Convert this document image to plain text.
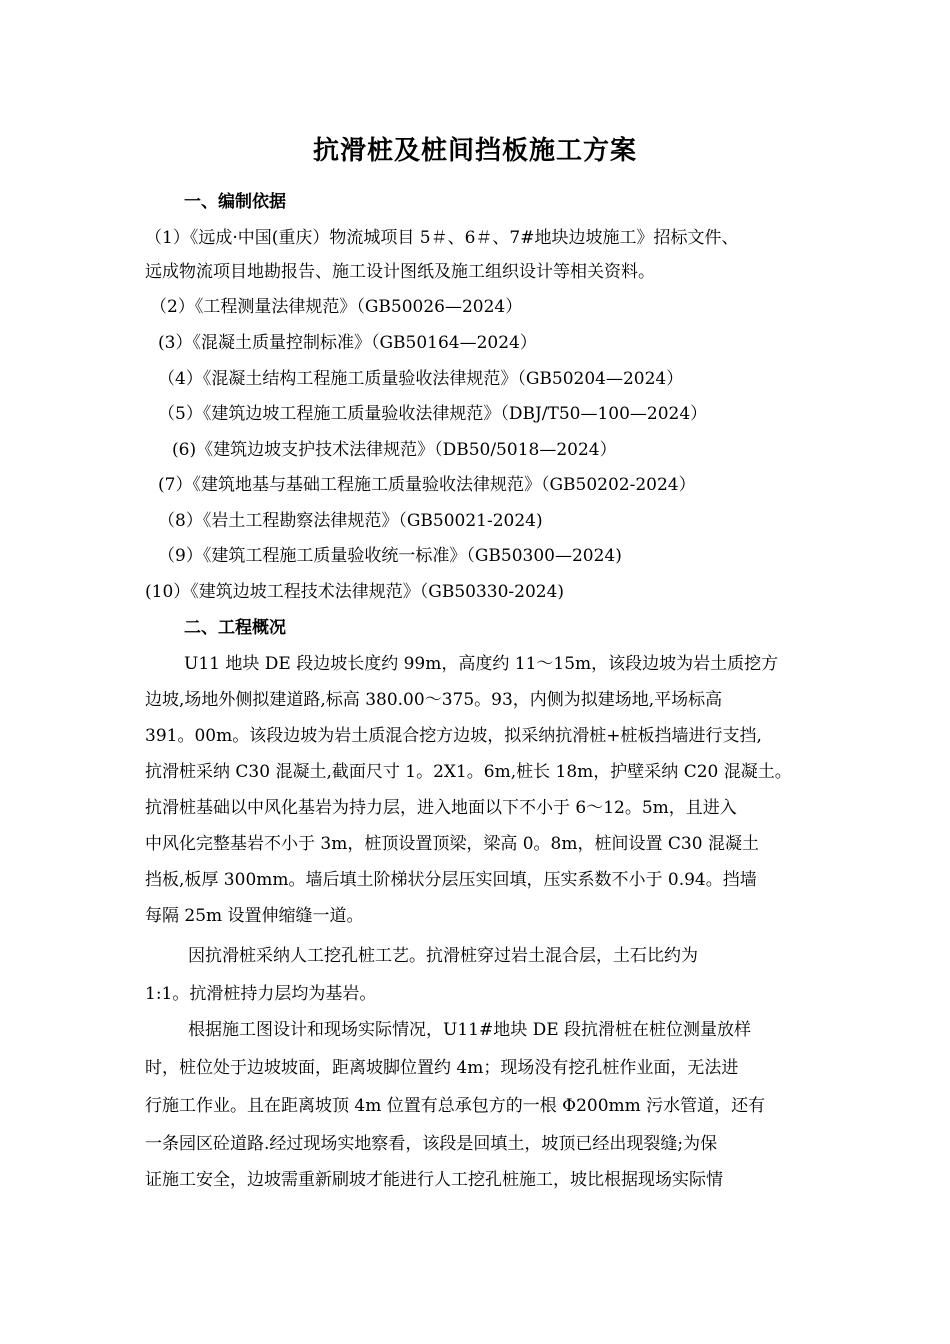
抗滑桩及桩间挡板施工方案
一、编制依据
（1）《远成·中国(重庆）物流城项目 5＃、6＃、7#地块边坡施工》招标文件、
远成物流项目地勘报告、施工设计图纸及施工组织设计等相关资料。
（2）《工程测量法律规范》（GB50026—2024）
(3）《混凝土质量控制标准》（GB50164—2024）
（4）《混凝土结构工程施工质量验收法律规范》（GB50204—2024）
（5）《建筑边坡工程施工质量验收法律规范》（DBJ/T50—100—2024）
(6)《建筑边坡支护技术法律规范》（DB50/5018—2024）
(7）《建筑地基与基础工程施工质量验收法律规范》（GB50202-2024）
（8）《岩土工程勘察法律规范》（GB50021-2024)
（9）《建筑工程施工质量验收统一标准》（GB50300—2024)
(10）《建筑边坡工程技术法律规范》（GB50330-2024)
二、工程概况
U11 地块 DE 段边坡长度约 99m，高度约 11～15m，该段边坡为岩土质挖方
边坡,场地外侧拟建道路,标高 380.00～375。93，内侧为拟建场地,平场标高
391。00m。该段边坡为岩土质混合挖方边坡，拟采纳抗滑桩+桩板挡墙进行支挡,
抗滑桩采纳 C30 混凝土,截面尺寸 1。2X1。6m,桩长 18m，护壁采纳 C20 混凝土。
抗滑桩基础以中风化基岩为持力层，进入地面以下不小于 6～12。5m，且进入
中风化完整基岩不小于 3m，桩顶设置顶梁，梁高 0。8m，桩间设置 C30 混凝土
挡板,板厚 300mm。墙后填土阶梯状分层压实回填，压实系数不小于 0.94。挡墙
每隔 25m 设置伸缩缝一道。
因抗滑桩采纳人工挖孔桩工艺。抗滑桩穿过岩土混合层，土石比约为
1:1。抗滑桩持力层均为基岩。
根据施工图设计和现场实际情况，U11#地块 DE 段抗滑桩在桩位测量放样
时，桩位处于边坡坡面，距离坡脚位置约 4m；现场没有挖孔桩作业面，无法进
行施工作业。且在距离坡顶 4m 位置有总承包方的一根 Φ200mm 污水管道，还有
一条园区砼道路.经过现场实地察看，该段是回填土，坡顶已经出现裂缝;为保
证施工安全，边坡需重新刷坡才能进行人工挖孔桩施工，坡比根据现场实际情
